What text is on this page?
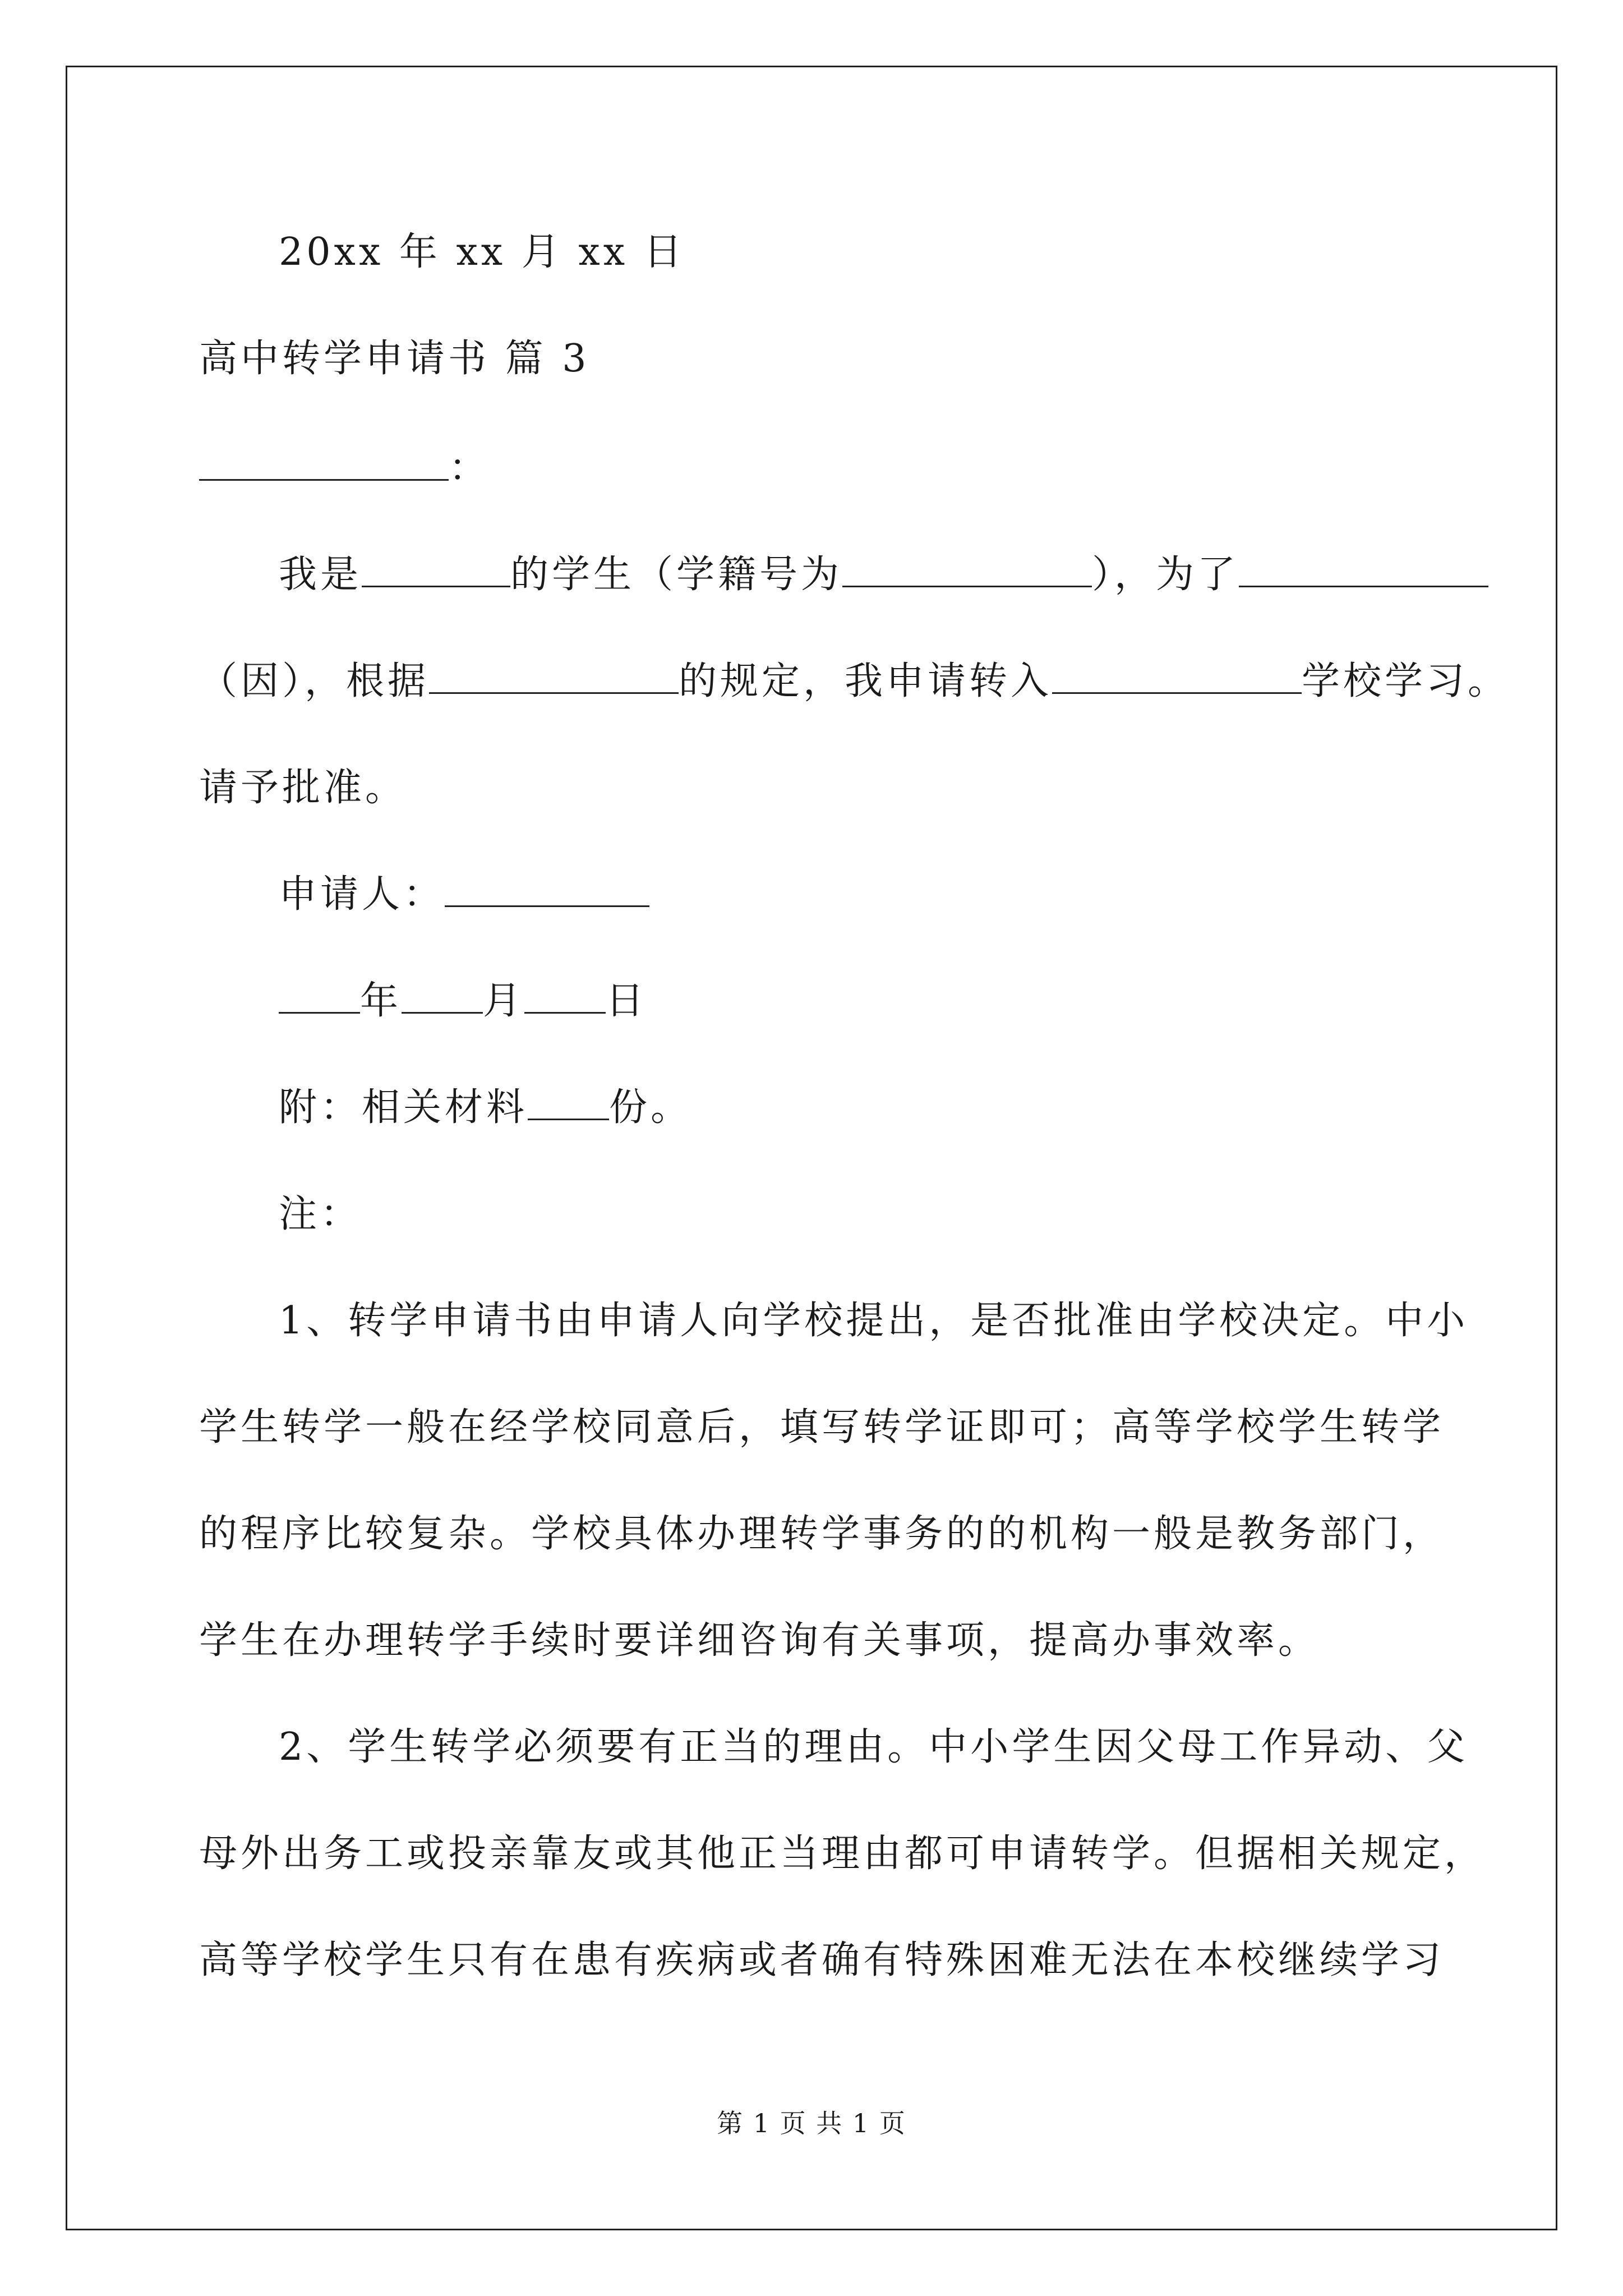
20xx 年 xx 月 xx 日
高中转学申请书 篇 3
：
我是	的学生（学籍号为	），为了
（因），根据	的规定，我申请转入	学校学习。
请予批准。
申请人：
年 月 日
附：相关材料 份。
注：
1、转学申请书由申请人向学校提出，是否批准由学校决定。中小
学生转学一般在经学校同意后，填写转学证即可；高等学校学生转学
的程序比较复杂。学校具体办理转学事务的的机构一般是教务部门，
学生在办理转学手续时要详细咨询有关事项，提高办事效率。
2、学生转学必须要有正当的理由。中小学生因父母工作异动、父
母外出务工或投亲靠友或其他正当理由都可申请转学。但据相关规定，
高等学校学生只有在患有疾病或者确有特殊困难无法在本校继续学习
第 1 页 共 1 页
